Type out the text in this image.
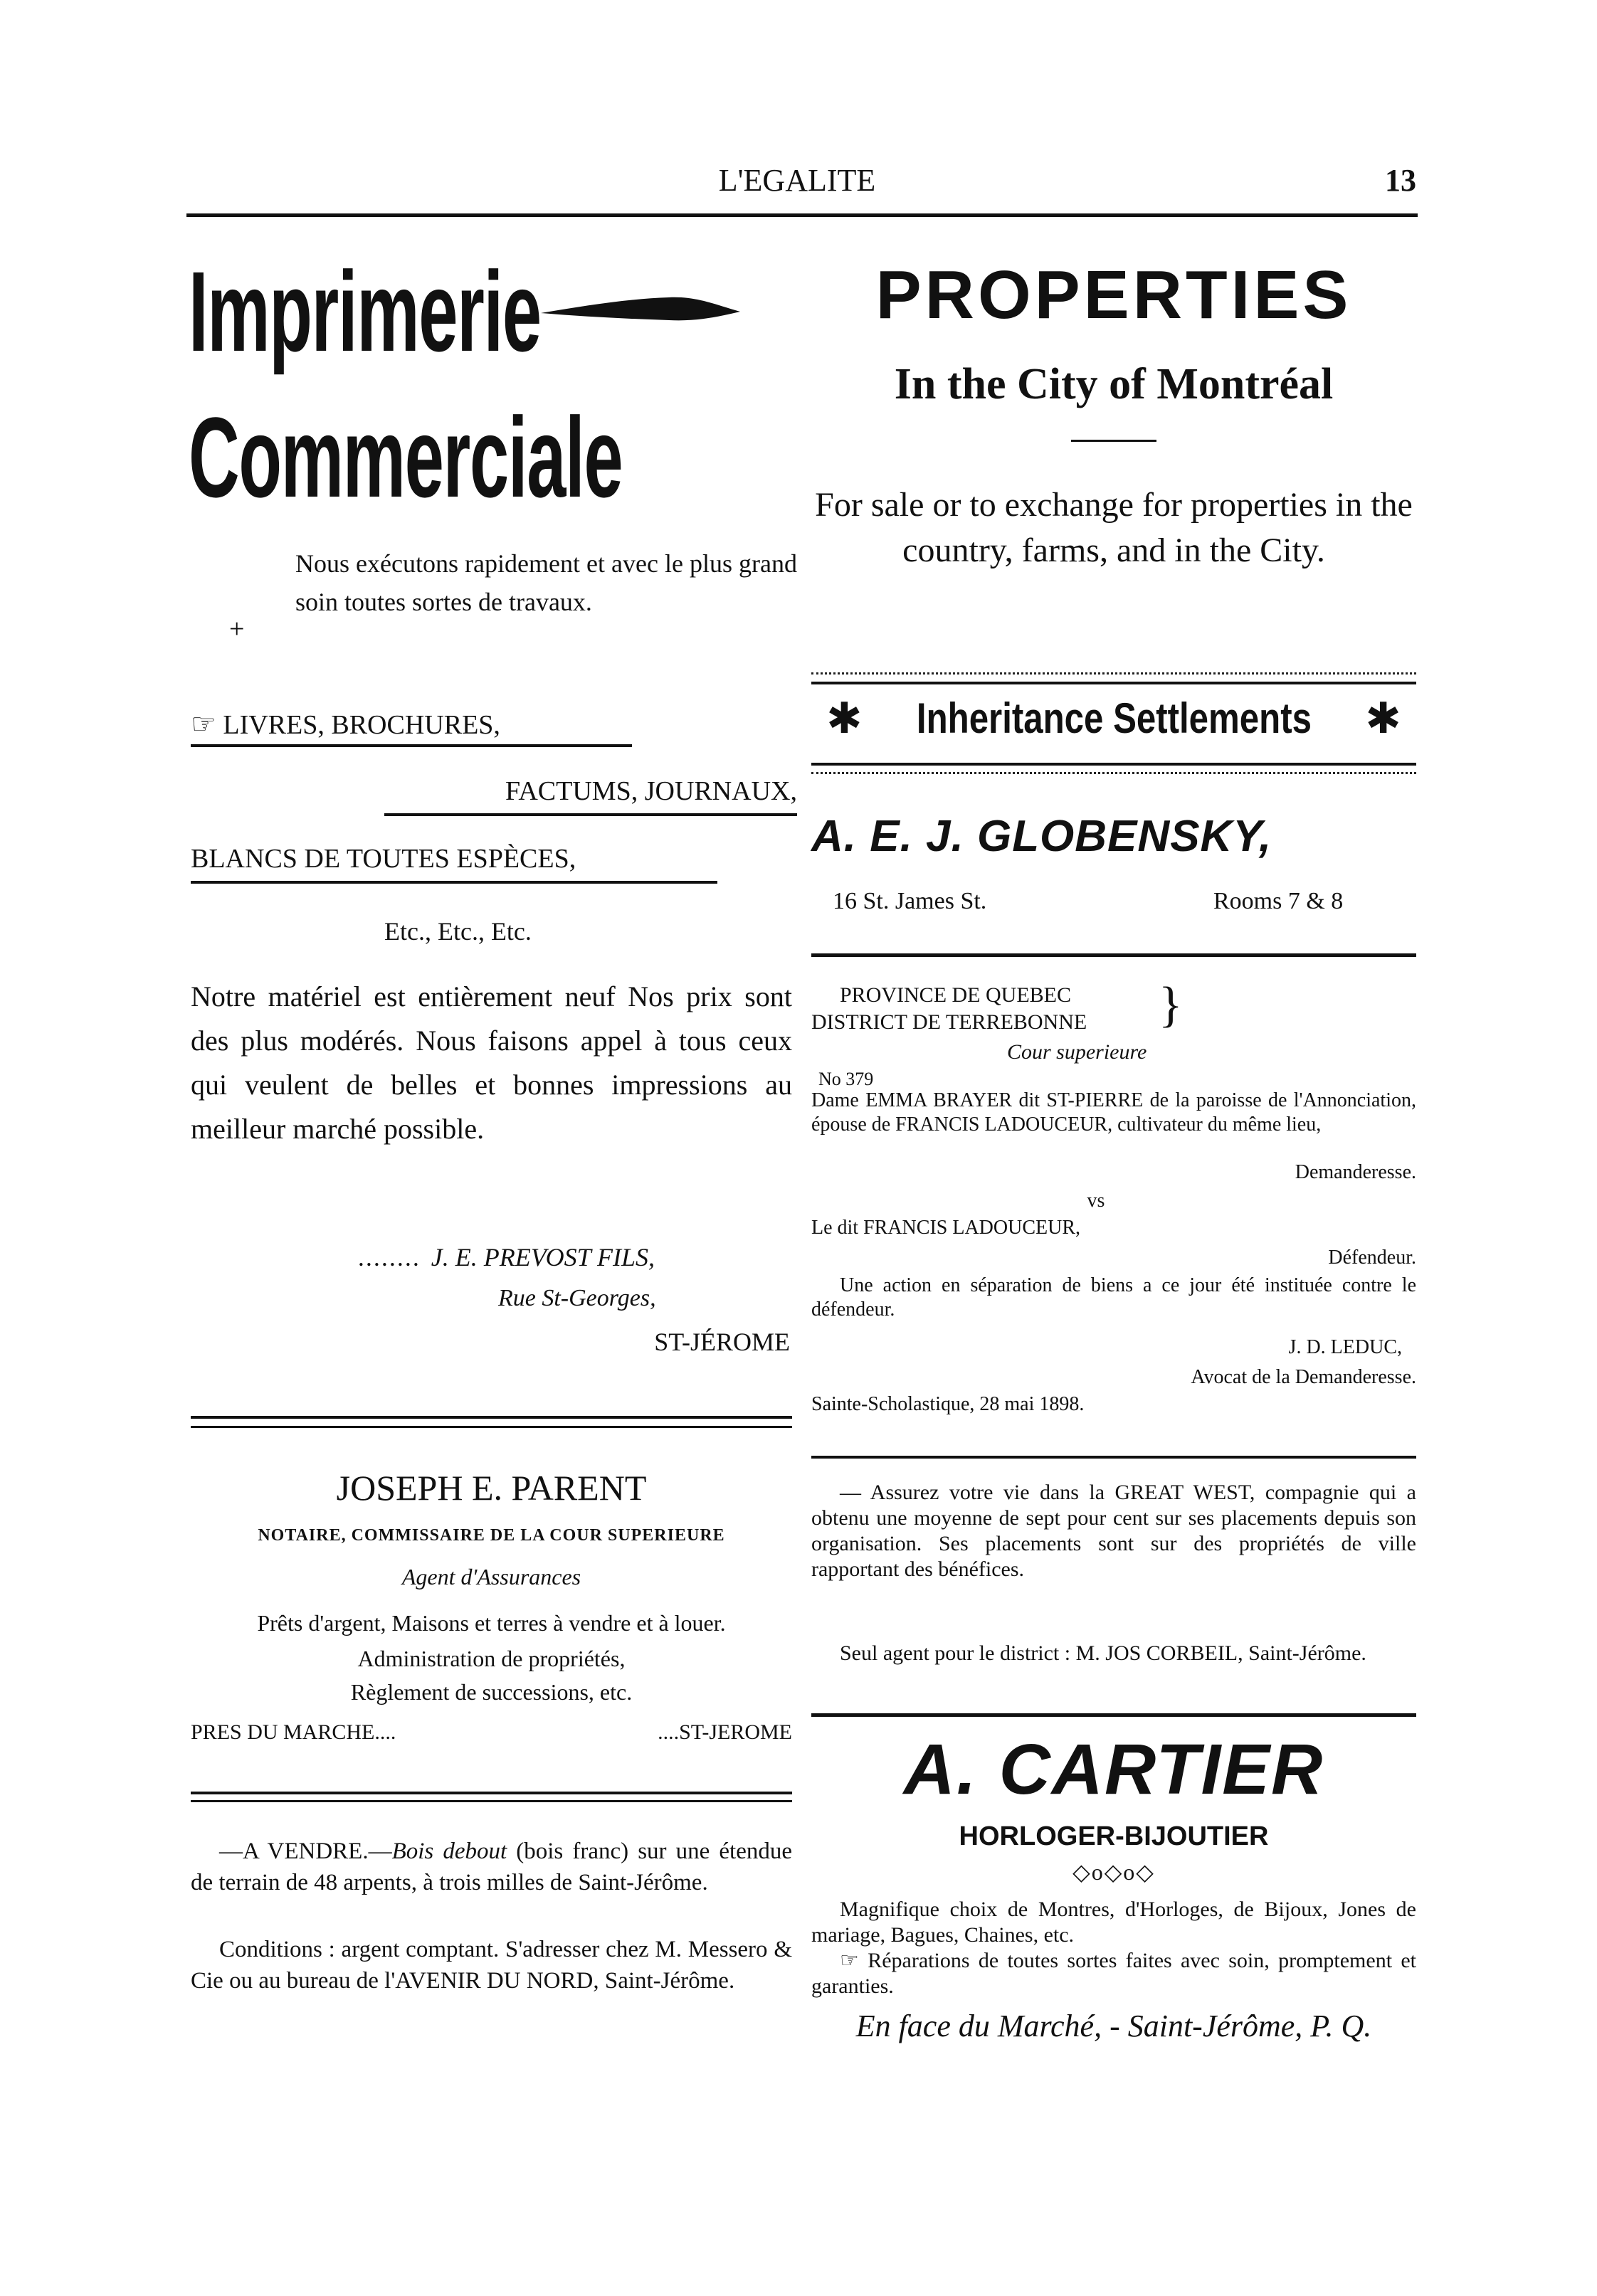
L'EGALITE	13
Imprimerie
Commerciale
+
Nous exécutons rapidement et avec le plus grand soin toutes sortes de travaux.
☞ LIVRES, BROCHURES,
FACTUMS, JOURNAUX,
BLANCS DE TOUTES ESPÈCES,
Etc., Etc., Etc.
Notre matériel est entièrement neuf Nos prix sont des plus modérés. Nous faisons appel à tous ceux qui veulent de belles et bonnes impressions au meilleur marché possible.
........ J. E. PREVOST FILS,
Rue St-Georges,
ST-JÉROME
JOSEPH E. PARENT
NOTAIRE, COMMISSAIRE DE LA COUR SUPERIEURE
Agent d'Assurances
Prêts d'argent, Maisons et terres à vendre et à louer. Administration de propriétés,
Règlement de successions, etc.
PRES DU MARCHE....	....ST-JEROME
—A VENDRE.—Bois debout (bois franc) sur une étendue de terrain de 48 arpents, à trois milles de Saint-Jérôme.
Conditions : argent comptant. S'adresser chez M. Messero & Cie ou au bureau de l'AVENIR DU NORD, Saint-Jérôme.
PROPERTIES
In the City of Montréal
For sale or to exchange for properties in the country, farms, and in the City.
✱ Inheritance Settlements ✱
A. E. J. GLOBENSKY,
16 St. James St.	Rooms 7 & 8
PROVINCE DE QUEBEC
DISTRICT DE TERREBONNE }
Cour superieure
No 379
Dame EMMA BRAYER dit ST-PIERRE de la paroisse de l'Annonciation, épouse de FRANCIS LADOUCEUR, cultivateur du même lieu,
Demanderesse.
vs
Le dit FRANCIS LADOUCEUR,
Défendeur.
Une action en séparation de biens a ce jour été instituée contre le défendeur.
J. D. LEDUC,
Avocat de la Demanderesse.
Sainte-Scholastique, 28 mai 1898.
— Assurez votre vie dans la GREAT WEST, compagnie qui a obtenu une moyenne de sept pour cent sur ses placements depuis son organisation. Ses placements sont sur des propriétés de ville rapportant des bénéfices.
Seul agent pour le district : M. JOS CORBEIL, Saint-Jérôme.
A. CARTIER
HORLOGER-BIJOUTIER
◇o◇o◇
Magnifique choix de Montres, d'Horloges, de Bijoux, Jones de mariage, Bagues, Chaines, etc.
☞ Réparations de toutes sortes faites avec soin, promptement et garanties.
En face du Marché, - Saint-Jérôme, P. Q.
